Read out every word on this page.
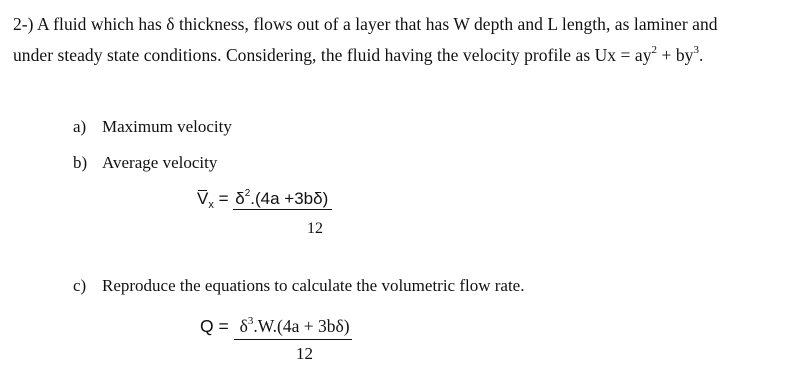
2-) A fluid which has δ thickness, flows out of a layer that has W depth and L length, as laminer and
under steady state conditions. Considering, the fluid having the velocity profile as $Ux = ay^2 + by^3$.
a) Maximum velocity
b) Average velocity
$V_x = \delta^2.(4a +3b\delta)$
12
c) Reproduce the equations to calculate the volumetric flow rate.
$Q = \delta^3.W.(4a + 3b\delta)$
12
